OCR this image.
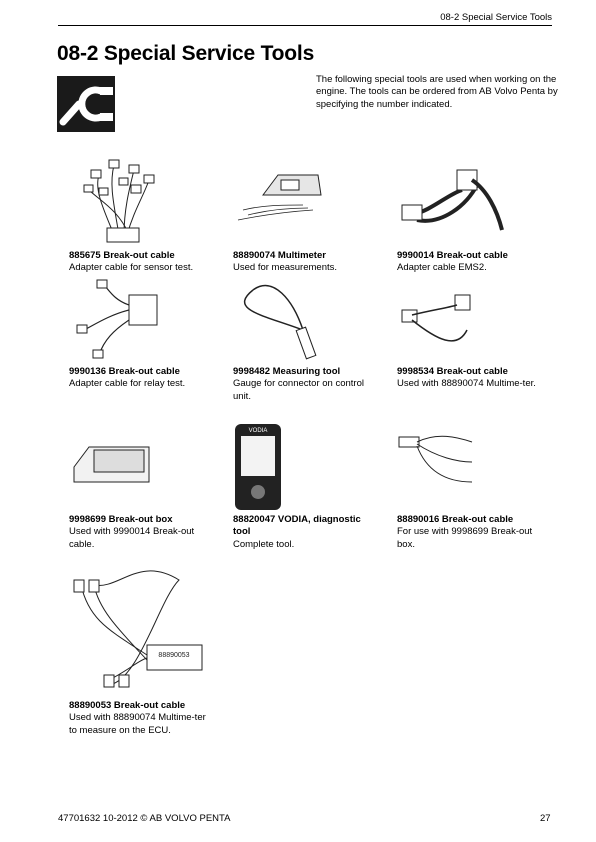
08-2 Special Service Tools
08-2 Special Service Tools

The following special tools are used when working on the engine. The tools can be ordered from AB Volvo Penta by specifying the number indicated.

885675 Break-out cable
Adapter cable for sensor test.
88890074 Multimeter
Used for measurements.
9990014 Break-out cable
Adapter cable EMS2.
9990136 Break-out cable
Adapter cable for relay test.
9998482 Measuring tool
Gauge for connector on control unit.
9998534 Break-out cable
Used with 88890074 Multime-ter.
9998699 Break-out box
Used with 9990014 Break-out cable.
VODIA
88820047 VODIA, diagnostic tool
Complete tool.
88890016 Break-out cable
For use with 9998699 Break-out box.
88890053
88890053 Break-out cable
Used with 88890074 Multime-ter to measure on the ECU.
47701632 10-2012 © AB VOLVO PENTA	27
